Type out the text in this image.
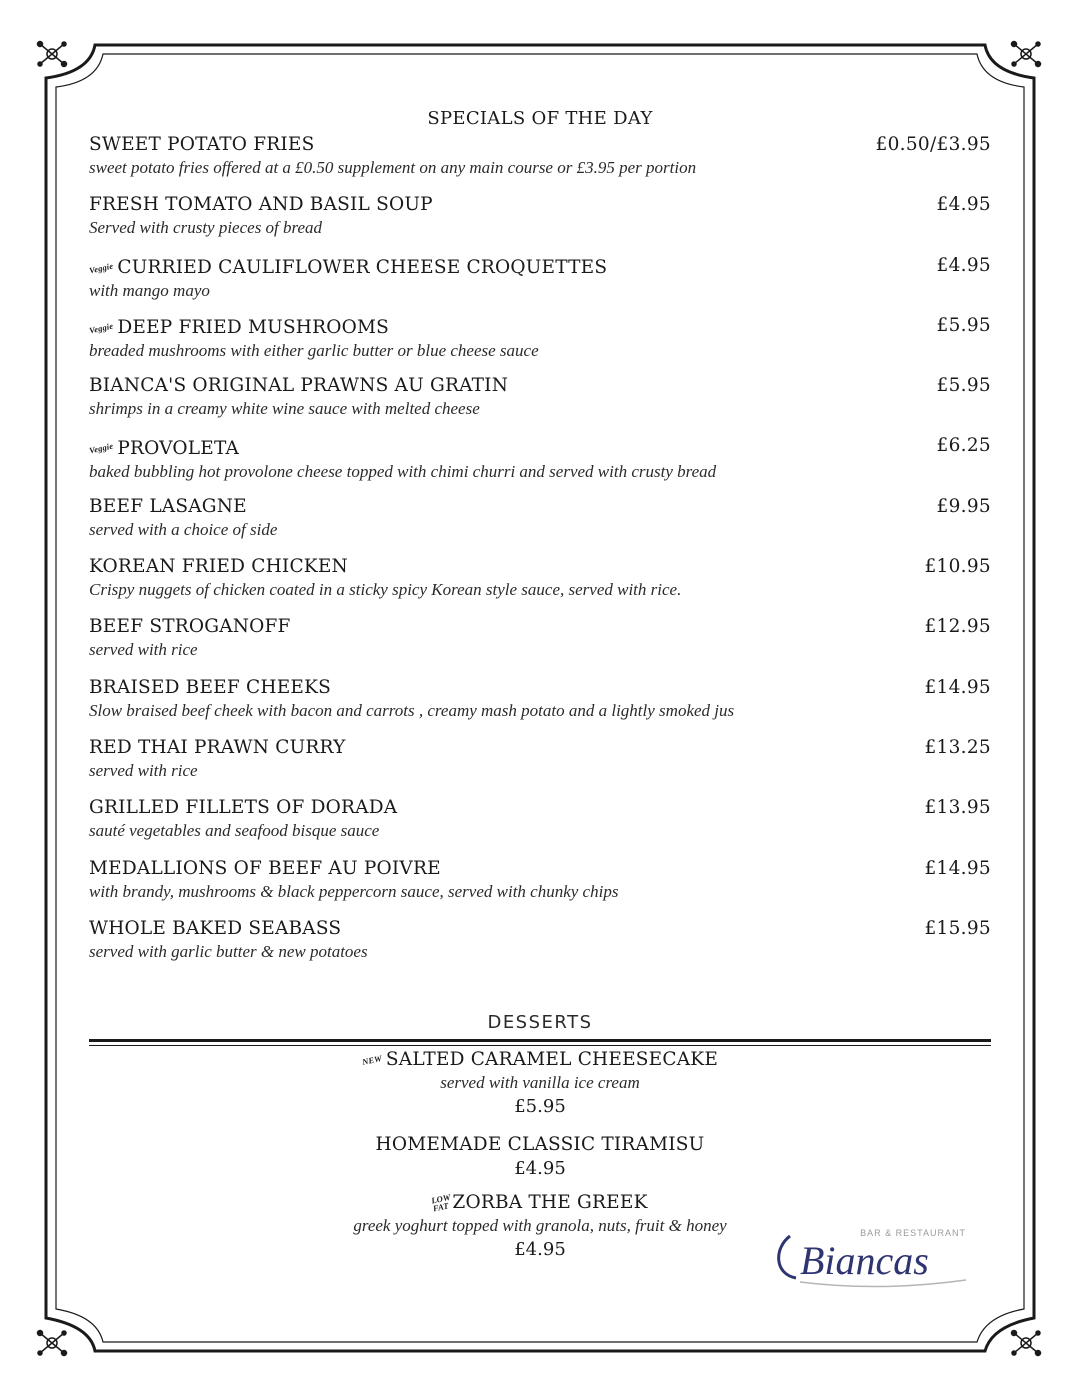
SPECIALS OF THE DAY
SWEET POTATO FRIES	£0.50/£3.95
sweet potato fries offered at a £0.50 supplement on any main course or £3.95 per portion
FRESH TOMATO AND BASIL SOUP	£4.95
Served with crusty pieces of bread
Veggie CURRIED CAULIFLOWER CHEESE CROQUETTES	£4.95
with mango mayo
Veggie DEEP FRIED MUSHROOMS	£5.95
breaded mushrooms with either garlic butter or blue cheese sauce
BIANCA'S ORIGINAL PRAWNS AU GRATIN	£5.95
shrimps in a creamy white wine sauce with melted cheese
Veggie PROVOLETA	£6.25
baked bubbling hot provolone cheese topped with chimi churri and served with crusty bread
BEEF LASAGNE	£9.95
served with a choice of side
KOREAN FRIED CHICKEN	£10.95
Crispy nuggets of chicken coated in a sticky spicy Korean style sauce, served with rice.
BEEF STROGANOFF	£12.95
served with rice
BRAISED BEEF CHEEKS	£14.95
Slow braised beef cheek with bacon and carrots , creamy mash potato and a lightly smoked jus
RED THAI PRAWN CURRY	£13.25
served with rice
GRILLED FILLETS OF DORADA	£13.95
sauté vegetables and seafood bisque sauce
MEDALLIONS OF BEEF AU POIVRE	£14.95
with brandy, mushrooms & black peppercorn sauce, served with chunky chips
WHOLE BAKED SEABASS	£15.95
served with garlic butter & new potatoes
DESSERTS
NEW SALTED CARAMEL CHEESECAKE
served with vanilla ice cream
£5.95
HOMEMADE CLASSIC TIRAMISU
£4.95
LOW FAT ZORBA THE GREEK
greek yoghurt topped with granola, nuts, fruit & honey
£4.95
BAR & RESTAURANT
Biancas
